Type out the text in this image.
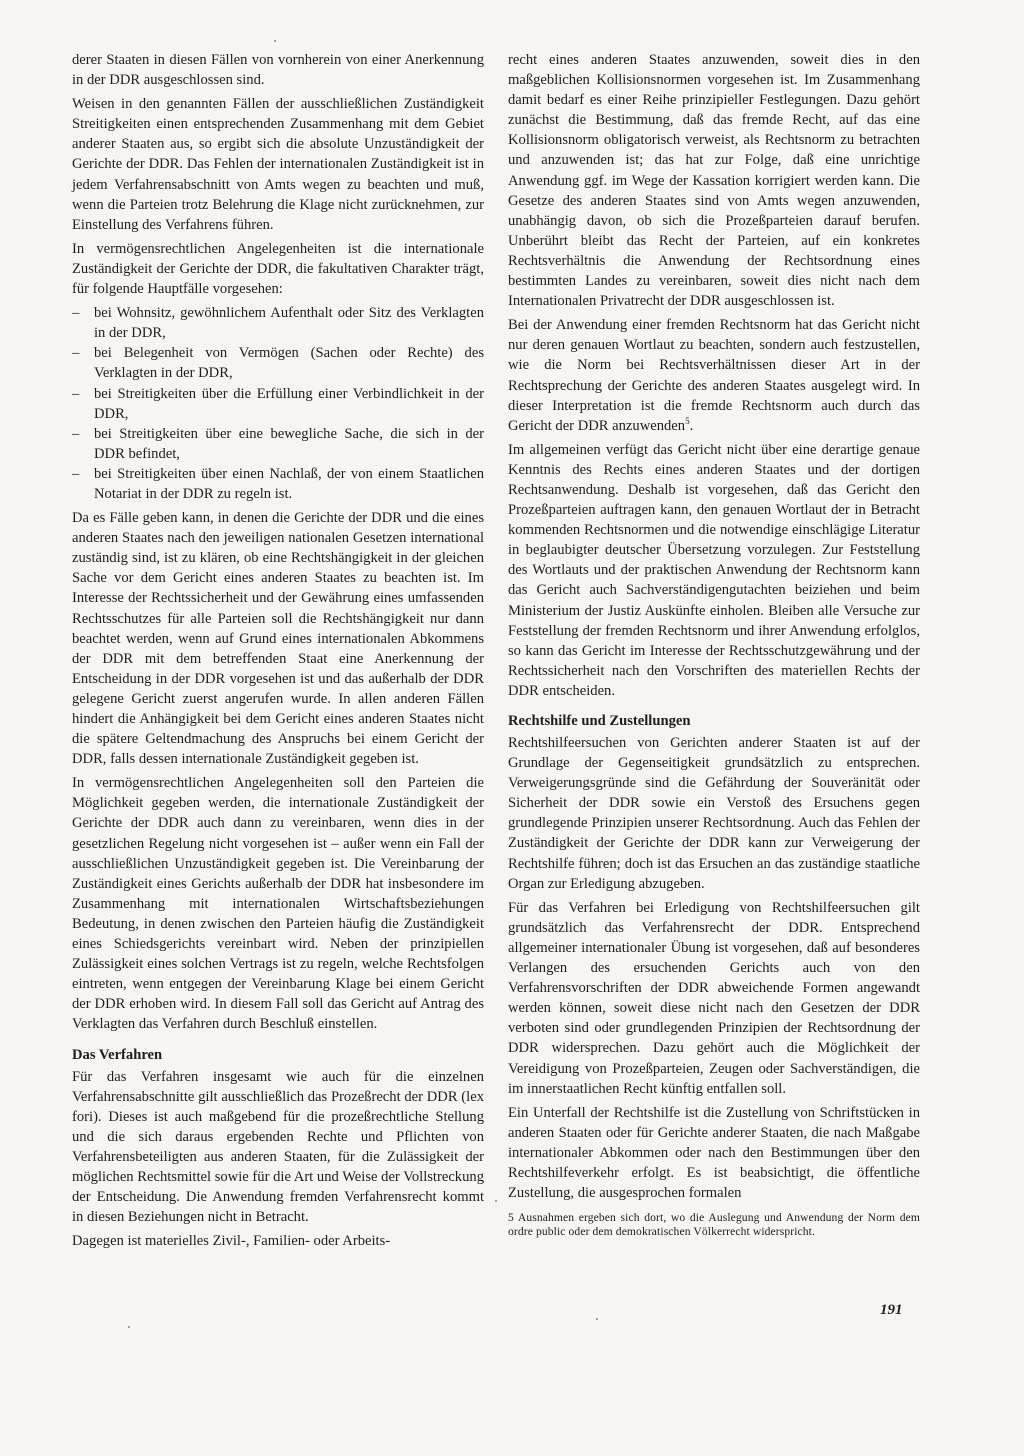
derer Staaten in diesen Fällen von vornherein von einer Anerkennung in der DDR ausgeschlossen sind.

Weisen in den genannten Fällen der ausschließlichen Zuständigkeit Streitigkeiten einen entsprechenden Zusammenhang mit dem Gebiet anderer Staaten aus, so ergibt sich die absolute Unzuständigkeit der Gerichte der DDR. Das Fehlen der internationalen Zuständigkeit ist in jedem Verfahrensabschnitt von Amts wegen zu beachten und muß, wenn die Parteien trotz Belehrung die Klage nicht zurücknehmen, zur Einstellung des Verfahrens führen.

In vermögensrechtlichen Angelegenheiten ist die internationale Zuständigkeit der Gerichte der DDR, die fakultativen Charakter trägt, für folgende Hauptfälle vorgesehen:

– bei Wohnsitz, gewöhnlichem Aufenthalt oder Sitz des Verklagten in der DDR,
– bei Belegenheit von Vermögen (Sachen oder Rechte) des Verklagten in der DDR,
– bei Streitigkeiten über die Erfüllung einer Verbindlichkeit in der DDR,
– bei Streitigkeiten über eine bewegliche Sache, die sich in der DDR befindet,
– bei Streitigkeiten über einen Nachlaß, der von einem Staatlichen Notariat in der DDR zu regeln ist.

Da es Fälle geben kann, in denen die Gerichte der DDR und die eines anderen Staates nach den jeweiligen nationalen Gesetzen international zuständig sind, ist zu klären, ob eine Rechtshängigkeit in der gleichen Sache vor dem Gericht eines anderen Staates zu beachten ist. Im Interesse der Rechtssicherheit und der Gewährung eines umfassenden Rechtsschutzes für alle Parteien soll die Rechtshängigkeit nur dann beachtet werden, wenn auf Grund eines internationalen Abkommens der DDR mit dem betreffenden Staat eine Anerkennung der Entscheidung in der DDR vorgesehen ist und das außerhalb der DDR gelegene Gericht zuerst angerufen wurde. In allen anderen Fällen hindert die Anhängigkeit bei dem Gericht eines anderen Staates nicht die spätere Geltendmachung des Anspruchs bei einem Gericht der DDR, falls dessen internationale Zuständigkeit gegeben ist.

In vermögensrechtlichen Angelegenheiten soll den Parteien die Möglichkeit gegeben werden, die internationale Zuständigkeit der Gerichte der DDR auch dann zu vereinbaren, wenn dies in der gesetzlichen Regelung nicht vorgesehen ist – außer wenn ein Fall der ausschließlichen Unzuständigkeit gegeben ist. Die Vereinbarung der Zuständigkeit eines Gerichts außerhalb der DDR hat insbesondere im Zusammenhang mit internationalen Wirtschaftsbeziehungen Bedeutung, in denen zwischen den Parteien häufig die Zuständigkeit eines Schiedsgerichts vereinbart wird. Neben der prinzipiellen Zulässigkeit eines solchen Vertrags ist zu regeln, welche Rechtsfolgen eintreten, wenn entgegen der Vereinbarung Klage bei einem Gericht der DDR erhoben wird. In diesem Fall soll das Gericht auf Antrag des Verklagten das Verfahren durch Beschluß einstellen.

Das Verfahren

Für das Verfahren insgesamt wie auch für die einzelnen Verfahrensabschnitte gilt ausschließlich das Prozeßrecht der DDR (lex fori). Dieses ist auch maßgebend für die prozeßrechtliche Stellung und die sich daraus ergebenden Rechte und Pflichten von Verfahrensbeteiligten aus anderen Staaten, für die Zulässigkeit der möglichen Rechtsmittel sowie für die Art und Weise der Vollstreckung der Entscheidung. Die Anwendung fremden Verfahrensrecht kommt in diesen Beziehungen nicht in Betracht.

Dagegen ist materielles Zivil-, Familien- oder Arbeits-

recht eines anderen Staates anzuwenden, soweit dies in den maßgeblichen Kollisionsnormen vorgesehen ist. Im Zusammenhang damit bedarf es einer Reihe prinzipieller Festlegungen. Dazu gehört zunächst die Bestimmung, daß das fremde Recht, auf das eine Kollisionsnorm obligatorisch verweist, als Rechtsnorm zu betrachten und anzuwenden ist; das hat zur Folge, daß eine unrichtige Anwendung ggf. im Wege der Kassation korrigiert werden kann. Die Gesetze des anderen Staates sind von Amts wegen anzuwenden, unabhängig davon, ob sich die Prozeßparteien darauf berufen. Unberührt bleibt das Recht der Parteien, auf ein konkretes Rechtsverhältnis die Anwendung der Rechtsordnung eines bestimmten Landes zu vereinbaren, soweit dies nicht nach dem Internationalen Privatrecht der DDR ausgeschlossen ist.

Bei der Anwendung einer fremden Rechtsnorm hat das Gericht nicht nur deren genauen Wortlaut zu beachten, sondern auch festzustellen, wie die Norm bei Rechtsverhältnissen dieser Art in der Rechtsprechung der Gerichte des anderen Staates ausgelegt wird. In dieser Interpretation ist die fremde Rechtsnorm auch durch das Gericht der DDR anzuwenden$^5$.

Im allgemeinen verfügt das Gericht nicht über eine derartige genaue Kenntnis des Rechts eines anderen Staates und der dortigen Rechtsanwendung. Deshalb ist vorgesehen, daß das Gericht den Prozeßparteien auftragen kann, den genauen Wortlaut der in Betracht kommenden Rechtsnormen und die notwendige einschlägige Literatur in beglaubigter deutscher Übersetzung vorzulegen. Zur Feststellung des Wortlauts und der praktischen Anwendung der Rechtsnorm kann das Gericht auch Sachverständigengutachten beiziehen und beim Ministerium der Justiz Auskünfte einholen. Bleiben alle Versuche zur Feststellung der fremden Rechtsnorm und ihrer Anwendung erfolglos, so kann das Gericht im Interesse der Rechtsschutzgewährung und der Rechtssicherheit nach den Vorschriften des materiellen Rechts der DDR entscheiden.

Rechtshilfe und Zustellungen

Rechtshilfeersuchen von Gerichten anderer Staaten ist auf der Grundlage der Gegenseitigkeit grundsätzlich zu entsprechen. Verweigerungsgründe sind die Gefährdung der Souveränität oder Sicherheit der DDR sowie ein Verstoß des Ersuchens gegen grundlegende Prinzipien unserer Rechtsordnung. Auch das Fehlen der Zuständigkeit der Gerichte der DDR kann zur Verweigerung der Rechtshilfe führen; doch ist das Ersuchen an das zuständige staatliche Organ zur Erledigung abzugeben.

Für das Verfahren bei Erledigung von Rechtshilfeersuchen gilt grundsätzlich das Verfahrensrecht der DDR. Entsprechend allgemeiner internationaler Übung ist vorgesehen, daß auf besonderes Verlangen des ersuchenden Gerichts auch von den Verfahrensvorschriften der DDR abweichende Formen angewandt werden können, soweit diese nicht nach den Gesetzen der DDR verboten sind oder grundlegenden Prinzipien der Rechtsordnung der DDR widersprechen. Dazu gehört auch die Möglichkeit der Vereidigung von Prozeßparteien, Zeugen oder Sachverständigen, die im innerstaatlichen Recht künftig entfallen soll.

Ein Unterfall der Rechtshilfe ist die Zustellung von Schriftstücken in anderen Staaten oder für Gerichte anderer Staaten, die nach Maßgabe internationaler Abkommen oder nach den Bestimmungen über den Rechtshilfeverkehr erfolgt. Es ist beabsichtigt, die öffentliche Zustellung, die ausgesprochen formalen

5 Ausnahmen ergeben sich dort, wo die Auslegung und Anwendung der Norm dem ordre public oder dem demokratischen Völkerrecht widerspricht.

191
